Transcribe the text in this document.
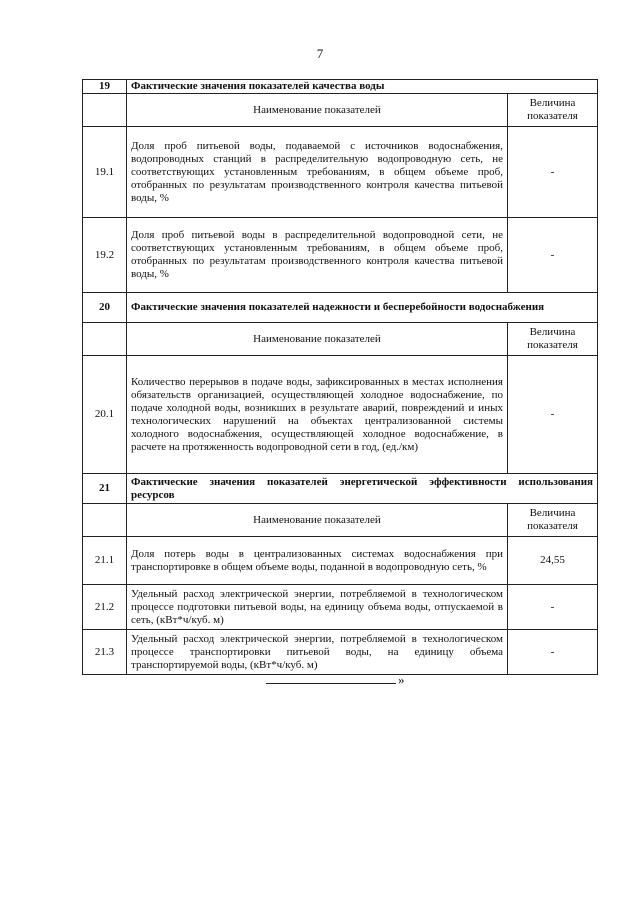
7
19	Фактические значения показателей качества воды	
	Наименование показателей	Величина показателя
19.1	Доля проб питьевой воды, подаваемой с источников водоснабжения, водопроводных станций в распределительную водопроводную сеть, не соответствующих установленным требованиям, в общем объеме проб, отобранных по результатам производственного контроля качества питьевой воды, %	-
19.2	Доля проб питьевой воды в распределительной водопроводной сети, не соответствующих установленным требованиям, в общем объеме проб, отобранных по результатам производственного контроля качества питьевой воды, %	-
20	Фактические значения показателей надежности и бесперебойности водоснабжения	
	Наименование показателей	Величина показателя
20.1	Количество перерывов в подаче воды, зафиксированных в местах исполнения обязательств организацией, осуществляющей холодное водоснабжение, по подаче холодной воды, возникших в результате аварий, повреждений и иных технологических нарушений на объектах централизованной системы холодного водоснабжения, осуществляющей холодное водоснабжение, в расчете на протяженность водопроводной сети в год, (ед./км)	-
21	Фактические значения показателей энергетической эффективности использования ресурсов	
	Наименование показателей	Величина показателя
21.1	Доля потерь воды в централизованных системах водоснабжения при транспортировке в общем объеме воды, поданной в водопроводную сеть, %	24,55
21.2	Удельный расход электрической энергии, потребляемой в технологическом процессе подготовки питьевой воды, на единицу объема воды, отпускаемой в сеть, (кВт*ч/куб. м)	-
21.3	Удельный расход электрической энергии, потребляемой в технологическом процессе транспортировки питьевой воды, на единицу объема транспортируемой воды, (кВт*ч/куб. м)	-
»
